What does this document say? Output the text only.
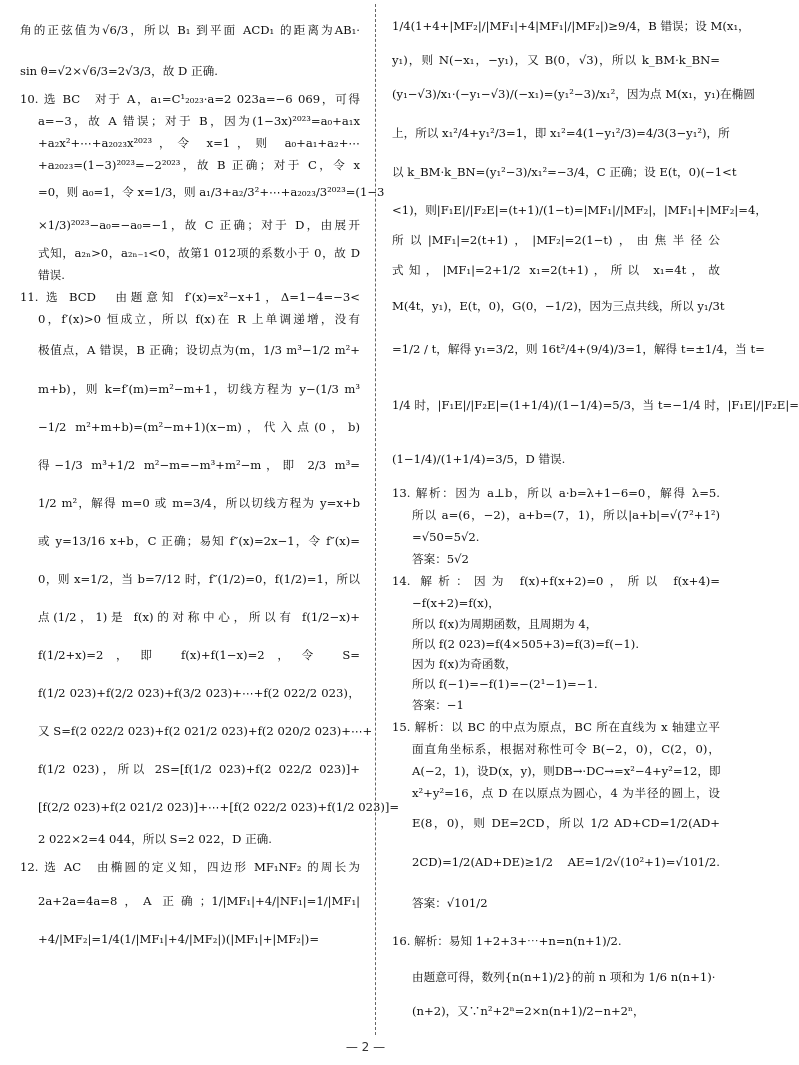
角的正弦值为√6/3，所以 B₁ 到平面 ACD₁ 的距离为AB₁·
sin θ=√2×√6/3=2√3/3，故 D 正确.
10. 选 BC　对于 A，a₁=C¹₂₀₂₃·a=2 023a=−6 069，可得
a=−3，故 A 错误；对于 B，因为(1−3x)²⁰²³=a₀+a₁x
+a₂x²+⋯+a₂₀₂₃x²⁰²³，令 x=1，则 a₀+a₁+a₂+⋯
+a₂₀₂₃=(1−3)²⁰²³=−2²⁰²³，故 B 正确；对于 C，令 x
=0，则 a₀=1，令 x=1/3，则 a₁/3+a₂/3²+⋯+a₂₀₂₃/3²⁰²³=(1−3
×1/3)²⁰²³−a₀=−a₀=−1，故 C 正确；对于 D，由展开
式知，a₂ₙ>0，a₂ₙ₋₁<0，故第1 012项的系数小于 0，故 D
错误.
11. 选 BCD　由题意知 f′(x)=x²−x+1，Δ=1−4=−3<
0，f′(x)>0 恒成立，所以 f(x)在 R 上单调递增，没有
极值点，A 错误，B 正确；设切点为(m，1/3 m³−1/2 m²+
m+b)，则 k=f′(m)=m²−m+1，切线方程为 y−(1/3 m³
−1/2 m²+m+b)=(m²−m+1)(x−m)，代入点(0，b)
得−1/3 m³+1/2 m²−m=−m³+m²−m，即 2/3 m³=
1/2 m²，解得 m=0 或 m=3/4，所以切线方程为 y=x+b
或 y=13/16 x+b，C 正确；易知 f″(x)=2x−1，令 f″(x)=
0，则 x=1/2，当 b=7/12 时，f″(1/2)=0，f(1/2)=1，所以
点(1/2，1)是 f(x)的对称中心，所以有 f(1/2−x)+
f(1/2+x)=2，即 f(x)+f(1−x)=2，令 S=
f(1/2 023)+f(2/2 023)+f(3/2 023)+⋯+f(2 022/2 023)，
又 S=f(2 022/2 023)+f(2 021/2 023)+f(2 020/2 023)+⋯+
f(1/2 023)，所以 2S=[f(1/2 023)+f(2 022/2 023)]+
[f(2/2 023)+f(2 021/2 023)]+⋯+[f(2 022/2 023)+f(1/2 023)]=
2 022×2=4 044，所以 S=2 022，D 正确.
12. 选 AC　由椭圆的定义知，四边形 MF₁NF₂ 的周长为
2a+2a=4a=8，A 正确；1/|MF₁|+4/|NF₁|=1/|MF₁|
+4/|MF₂|=1/4(1/|MF₁|+4/|MF₂|)(|MF₁|+|MF₂|)=
1/4(1+4+|MF₂|/|MF₁|+4|MF₁|/|MF₂|)≥9/4，B 错误；设 M(x₁，
y₁)，则 N(−x₁，−y₁)，又 B(0，√3)，所以 k_BM·k_BN=
(y₁−√3)/x₁·(−y₁−√3)/(−x₁)=(y₁²−3)/x₁²，因为点 M(x₁，y₁)在椭圆
上，所以 x₁²/4+y₁²/3=1，即 x₁²=4(1−y₁²/3)=4/3(3−y₁²)，所
以 k_BM·k_BN=(y₁²−3)/x₁²=−3/4，C 正确；设 E(t，0)(−1<t
<1)，则|F₁E|/|F₂E|=(t+1)/(1−t)=|MF₁|/|MF₂|，|MF₁|+|MF₂|=4，
所以|MF₁|=2(t+1)，|MF₂|=2(1−t)，由焦半径公
式知，|MF₁|=2+1/2 x₁=2(t+1)，所以 x₁=4t，故
M(4t，y₁)，E(t，0)，G(0，−1/2)，因为三点共线，所以 y₁/3t
=1/2 / t，解得 y₁=3/2，则 16t²/4+(9/4)/3=1，解得 t=±1/4，当 t=
1/4 时，|F₁E|/|F₂E|=(1+1/4)/(1−1/4)=5/3，当 t=−1/4 时，|F₁E|/|F₂E|=
(1−1/4)/(1+1/4)=3/5，D 错误.
13. 解析：因为 a⊥b，所以 a·b=λ+1−6=0，解得 λ=5.
所以 a=(6，−2)，a+b=(7，1)，所以|a+b|=√(7²+1²)
=√50=5√2.
答案：5√2
14. 解析：因为 f(x)+f(x+2)=0，所以 f(x+4)=
−f(x+2)=f(x)，
所以 f(x)为周期函数，且周期为 4，
所以 f(2 023)=f(4×505+3)=f(3)=f(−1).
因为 f(x)为奇函数，
所以 f(−1)=−f(1)=−(2¹−1)=−1.
答案：−1
15. 解析：以 BC 的中点为原点，BC 所在直线为 x 轴建立平
面直角坐标系，根据对称性可令 B(−2，0)，C(2，0)，
A(−2，1)，设D(x，y)，则DB→·DC→=x²−4+y²=12，即
x²+y²=16，点 D 在以原点为圆心，4 为半径的圆上，设
E(8，0)，则 DE=2CD，所以 1/2 AD+CD=1/2(AD+
2CD)=1/2(AD+DE)≥1/2 AE=1/2√(10²+1)=√101/2.
答案：√101/2
16. 解析：易知 1+2+3+⋯+n=n(n+1)/2.
由题意可得，数列{n(n+1)/2}的前 n 项和为 1/6 n(n+1)·
(n+2)，又∵n²+2ⁿ=2×n(n+1)/2−n+2ⁿ，
— 2 —
